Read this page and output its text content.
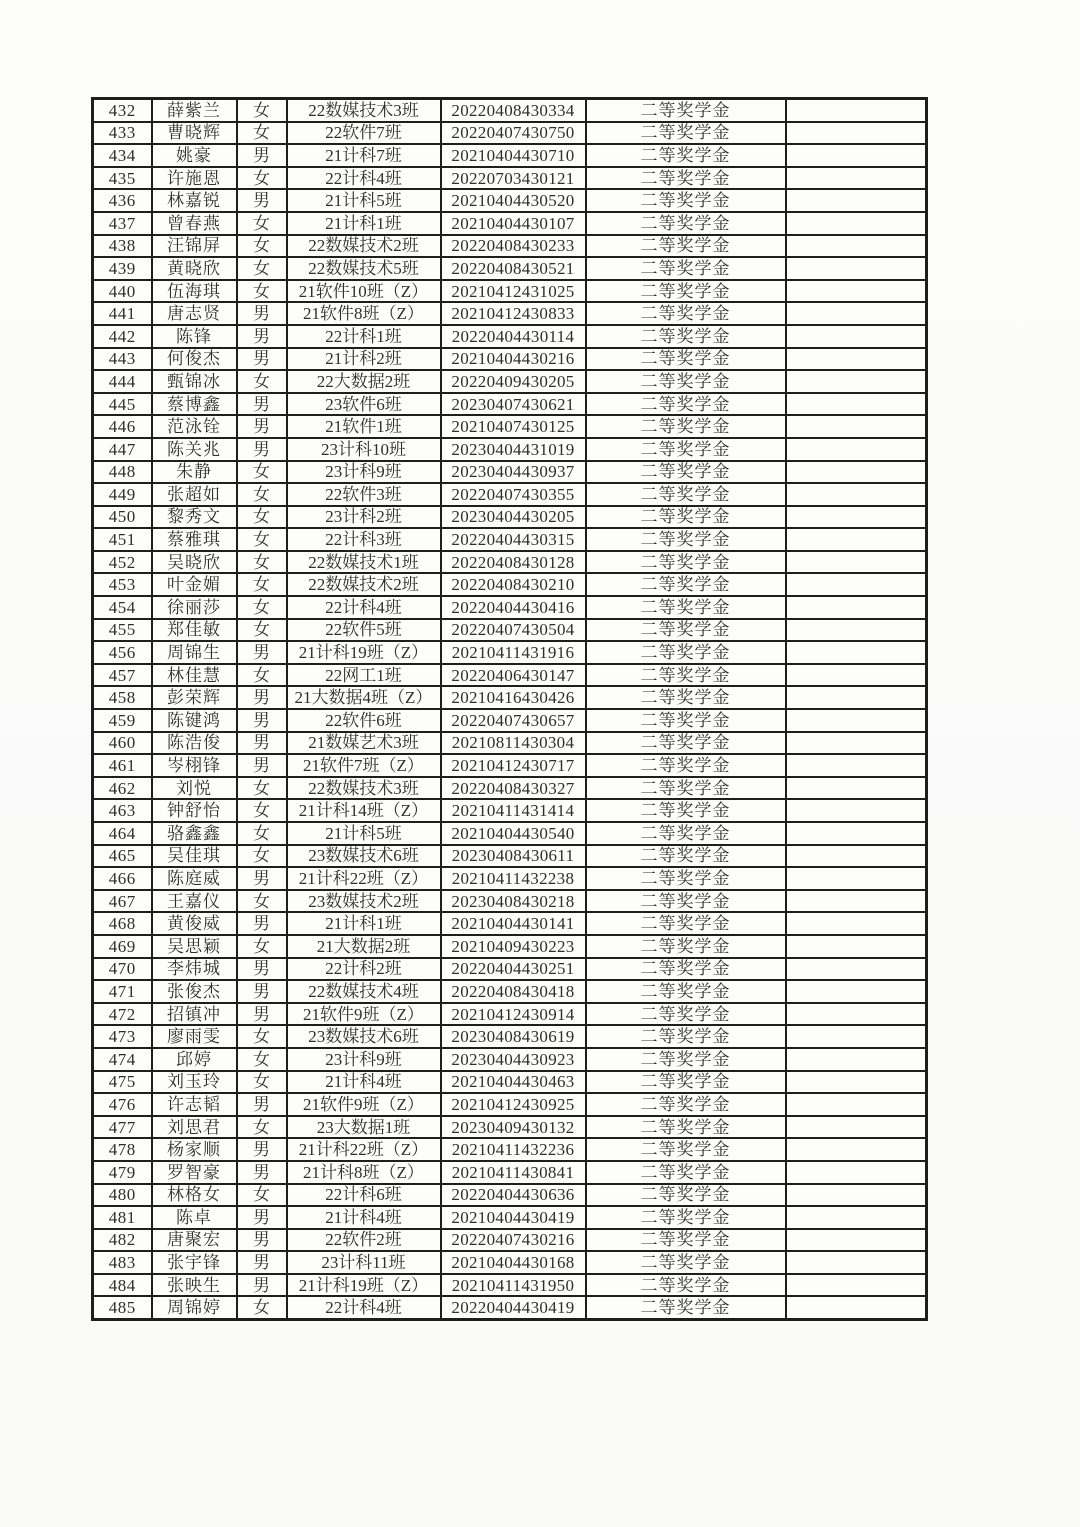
432	薛紫兰	女	22数媒技术3班	20220408430334	二等奖学金	
433	曹晓辉	女	22软件7班	20220407430750	二等奖学金	
434	姚豪	男	21计科7班	20210404430710	二等奖学金	
435	许施恩	女	22计科4班	20220703430121	二等奖学金	
436	林嘉锐	男	21计科5班	20210404430520	二等奖学金	
437	曾春燕	女	21计科1班	20210404430107	二等奖学金	
438	汪锦屏	女	22数媒技术2班	20220408430233	二等奖学金	
439	黄晓欣	女	22数媒技术5班	20220408430521	二等奖学金	
440	伍海琪	女	21软件10班（Z）	20210412431025	二等奖学金	
441	唐志贤	男	21软件8班（Z）	20210412430833	二等奖学金	
442	陈锋	男	22计科1班	20220404430114	二等奖学金	
443	何俊杰	男	21计科2班	20210404430216	二等奖学金	
444	甄锦冰	女	22大数据2班	20220409430205	二等奖学金	
445	蔡博鑫	男	23软件6班	20230407430621	二等奖学金	
446	范泳铨	男	21软件1班	20210407430125	二等奖学金	
447	陈关兆	男	23计科10班	20230404431019	二等奖学金	
448	朱静	女	23计科9班	20230404430937	二等奖学金	
449	张超如	女	22软件3班	20220407430355	二等奖学金	
450	黎秀文	女	23计科2班	20230404430205	二等奖学金	
451	蔡雅琪	女	22计科3班	20220404430315	二等奖学金	
452	吴晓欣	女	22数媒技术1班	20220408430128	二等奖学金	
453	叶金媚	女	22数媒技术2班	20220408430210	二等奖学金	
454	徐丽莎	女	22计科4班	20220404430416	二等奖学金	
455	郑佳敏	女	22软件5班	20220407430504	二等奖学金	
456	周锦生	男	21计科19班（Z）	20210411431916	二等奖学金	
457	林佳慧	女	22网工1班	20220406430147	二等奖学金	
458	彭荣辉	男	21大数据4班（Z）	20210416430426	二等奖学金	
459	陈键鸿	男	22软件6班	20220407430657	二等奖学金	
460	陈浩俊	男	21数媒艺术3班	20210811430304	二等奖学金	
461	岑栩锋	男	21软件7班（Z）	20210412430717	二等奖学金	
462	刘悦	女	22数媒技术3班	20220408430327	二等奖学金	
463	钟舒怡	女	21计科14班（Z）	20210411431414	二等奖学金	
464	骆鑫鑫	女	21计科5班	20210404430540	二等奖学金	
465	吴佳琪	女	23数媒技术6班	20230408430611	二等奖学金	
466	陈庭威	男	21计科22班（Z）	20210411432238	二等奖学金	
467	王嘉仪	女	23数媒技术2班	20230408430218	二等奖学金	
468	黄俊威	男	21计科1班	20210404430141	二等奖学金	
469	吴思颖	女	21大数据2班	20210409430223	二等奖学金	
470	李炜城	男	22计科2班	20220404430251	二等奖学金	
471	张俊杰	男	22数媒技术4班	20220408430418	二等奖学金	
472	招镇冲	男	21软件9班（Z）	20210412430914	二等奖学金	
473	廖雨雯	女	23数媒技术6班	20230408430619	二等奖学金	
474	邱婷	女	23计科9班	20230404430923	二等奖学金	
475	刘玉玲	女	21计科4班	20210404430463	二等奖学金	
476	许志韬	男	21软件9班（Z）	20210412430925	二等奖学金	
477	刘思君	女	23大数据1班	20230409430132	二等奖学金	
478	杨家顺	男	21计科22班（Z）	20210411432236	二等奖学金	
479	罗智豪	男	21计科8班（Z）	20210411430841	二等奖学金	
480	林格女	女	22计科6班	20220404430636	二等奖学金	
481	陈卓	男	21计科4班	20210404430419	二等奖学金	
482	唐聚宏	男	22软件2班	20220407430216	二等奖学金	
483	张宇锋	男	23计科11班	20210404430168	二等奖学金	
484	张映生	男	21计科19班（Z）	20210411431950	二等奖学金	
485	周锦婷	女	22计科4班	20220404430419	二等奖学金	
